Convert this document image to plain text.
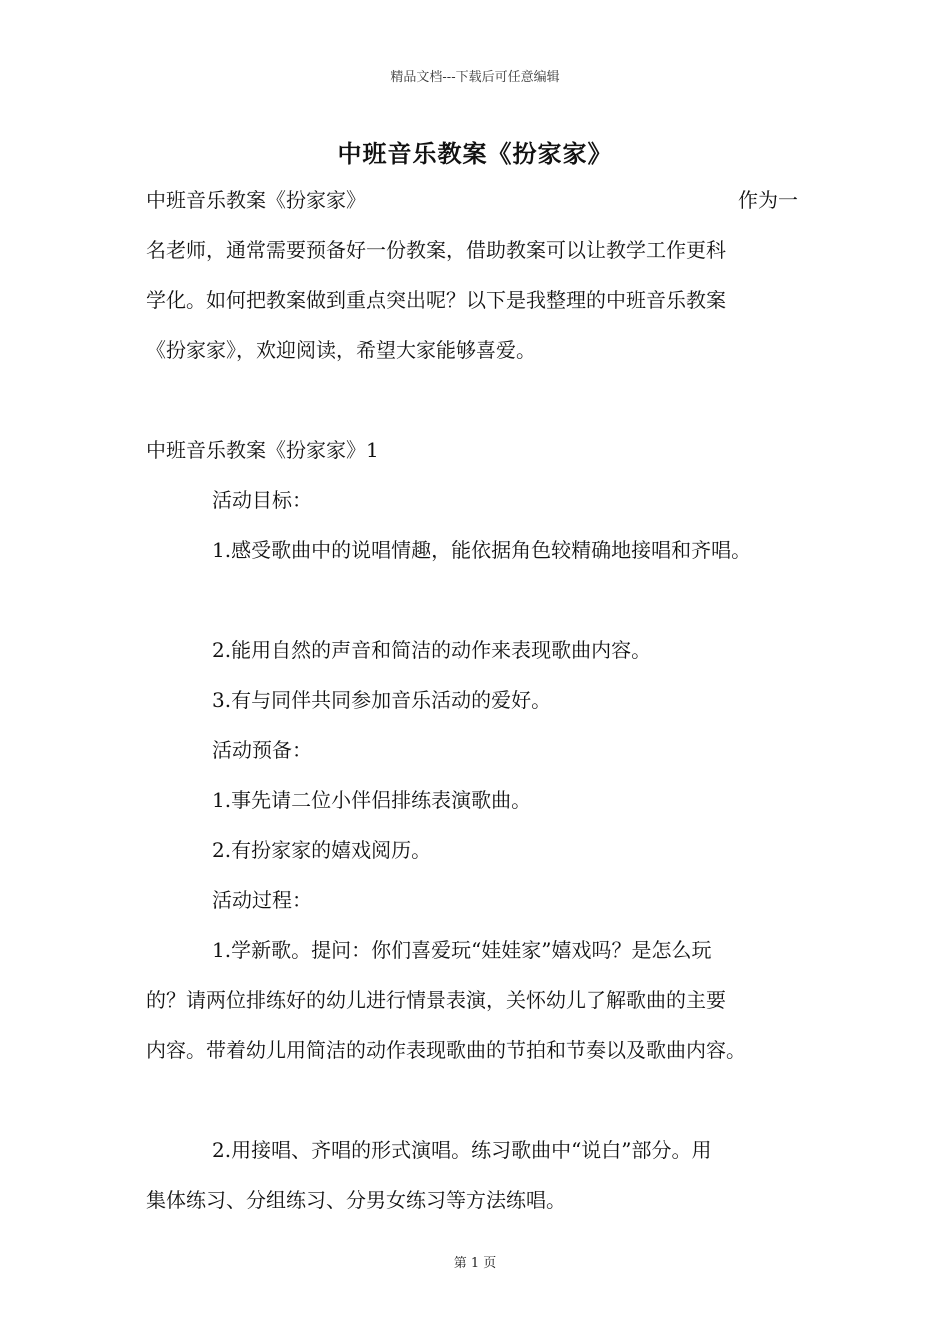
精品文档---下载后可任意编辑
中班音乐教案《扮家家》
中班音乐教案《扮家家》	作为一
名老师，通常需要预备好一份教案，借助教案可以让教学工作更科
学化。如何把教案做到重点突出呢？以下是我整理的中班音乐教案
《扮家家》，欢迎阅读，希望大家能够喜爱。
中班音乐教案《扮家家》1
活动目标：
1.感受歌曲中的说唱情趣，能依据角色较精确地接唱和齐唱。
2.能用自然的声音和简洁的动作来表现歌曲内容。
3.有与同伴共同参加音乐活动的爱好。
活动预备：
1.事先请二位小伴侣排练表演歌曲。
2.有扮家家的嬉戏阅历。
活动过程：
1.学新歌。提问：你们喜爱玩“娃娃家”嬉戏吗？是怎么玩
的？请两位排练好的幼儿进行情景表演，关怀幼儿了解歌曲的主要
内容。带着幼儿用简洁的动作表现歌曲的节拍和节奏以及歌曲内容。
2.用接唱、齐唱的形式演唱。练习歌曲中“说白”部分。用
集体练习、分组练习、分男女练习等方法练唱。
第 1 页
